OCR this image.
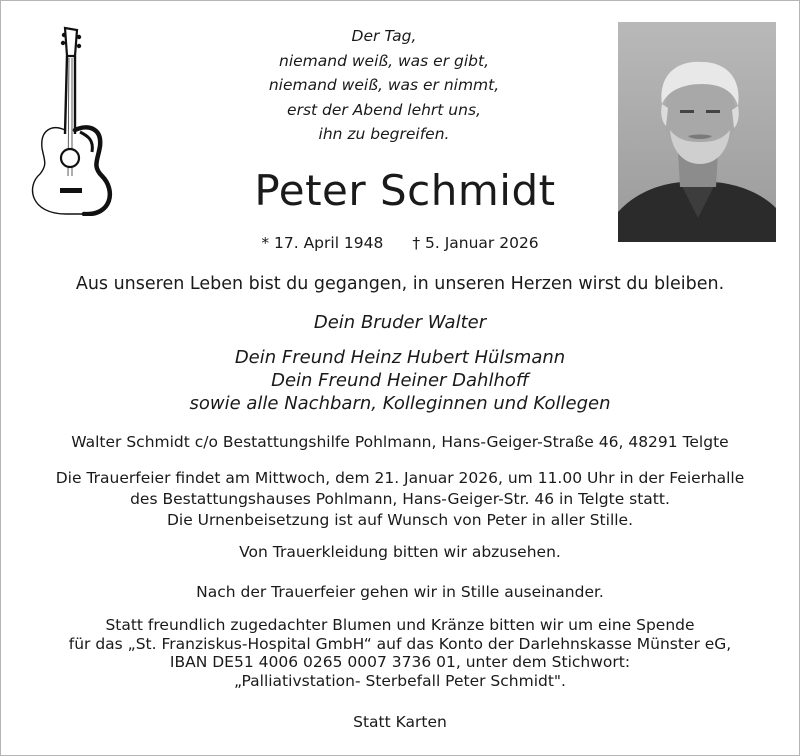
Der Tag,
niemand weiß, was er gibt,
niemand weiß, was er nimmt,
erst der Abend lehrt uns,
ihn zu begreifen.
Peter Schmidt
* 17. April 1948 † 5. Januar 2026
Aus unseren Leben bist du gegangen, in unseren Herzen wirst du bleiben.
Dein Bruder Walter
Dein Freund Heinz Hubert Hülsmann
Dein Freund Heiner Dahlhoff
sowie alle Nachbarn, Kolleginnen und Kollegen
Walter Schmidt c/o Bestattungshilfe Pohlmann, Hans-Geiger-Straße 46, 48291 Telgte
Die Trauerfeier findet am Mittwoch, dem 21. Januar 2026, um 11.00 Uhr in der Feierhalle
des Bestattungshauses Pohlmann, Hans-Geiger-Str. 46 in Telgte statt.
Die Urnenbeisetzung ist auf Wunsch von Peter in aller Stille.
Von Trauerkleidung bitten wir abzusehen.
Nach der Trauerfeier gehen wir in Stille auseinander.
Statt freundlich zugedachter Blumen und Kränze bitten wir um eine Spende
für das „St. Franziskus-Hospital GmbH“ auf das Konto der Darlehnskasse Münster eG,
IBAN DE51 4006 0265 0007 3736 01, unter dem Stichwort:
„Palliativstation- Sterbefall Peter Schmidt".
Statt Karten
